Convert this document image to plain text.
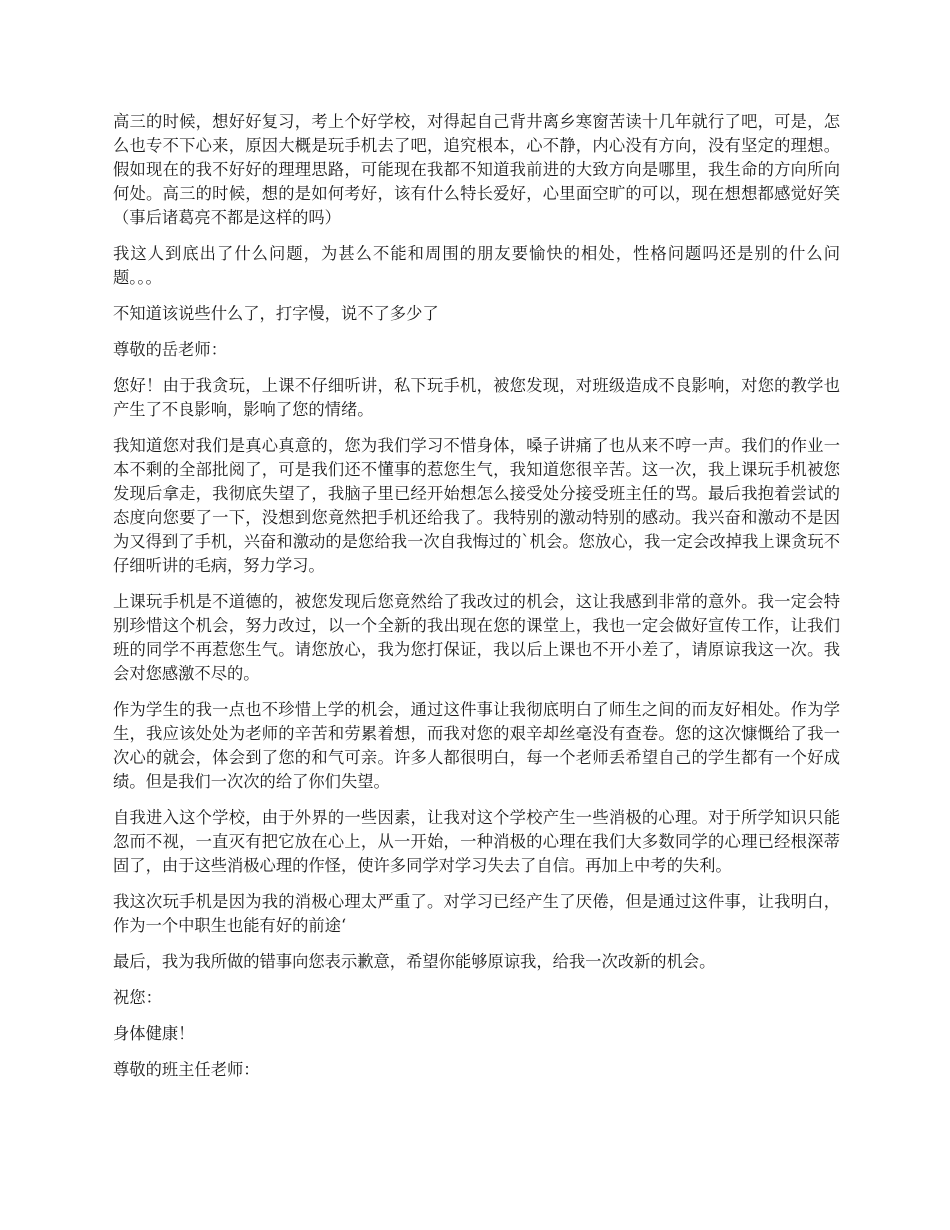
高三的时候，想好好复习，考上个好学校，对得起自己背井离乡寒窗苦读十几年就行了吧，可是，怎么也专不下心来，原因大概是玩手机去了吧，追究根本，心不静，内心没有方向，没有坚定的理想。假如现在的我不好好的理理思路，可能现在我都不知道我前进的大致方向是哪里，我生命的方向所向何处。高三的时候，想的是如何考好，该有什么特长爱好，心里面空旷的可以，现在想想都感觉好笑（事后诸葛亮不都是这样的吗）

我这人到底出了什么问题，为甚么不能和周围的朋友要愉快的相处，性格问题吗还是别的什么问题。。。

不知道该说些什么了，打字慢，说不了多少了

尊敬的岳老师：

您好！由于我贪玩，上课不仔细听讲，私下玩手机，被您发现，对班级造成不良影响，对您的教学也产生了不良影响，影响了您的情绪。

我知道您对我们是真心真意的，您为我们学习不惜身体，嗓子讲痛了也从来不哼一声。我们的作业一本不剩的全部批阅了，可是我们还不懂事的惹您生气，我知道您很辛苦。这一次，我上课玩手机被您发现后拿走，我彻底失望了，我脑子里已经开始想怎么接受处分接受班主任的骂。最后我抱着尝试的态度向您要了一下，没想到您竟然把手机还给我了。我特别的激动特别的感动。我兴奋和激动不是因为又得到了手机，兴奋和激动的是您给我一次自我悔过的`机会。您放心，我一定会改掉我上课贪玩不仔细听讲的毛病，努力学习。

上课玩手机是不道德的，被您发现后您竟然给了我改过的机会，这让我感到非常的意外。我一定会特别珍惜这个机会，努力改过，以一个全新的我出现在您的课堂上，我也一定会做好宣传工作，让我们班的同学不再惹您生气。请您放心，我为您打保证，我以后上课也不开小差了，请原谅我这一次。我会对您感激不尽的。

作为学生的我一点也不珍惜上学的机会，通过这件事让我彻底明白了师生之间的而友好相处。作为学生，我应该处处为老师的辛苦和劳累着想，而我对您的艰辛却丝毫没有查卷。您的这次慷慨给了我一次心的就会，体会到了您的和气可亲。许多人都很明白，每一个老师丢希望自己的学生都有一个好成绩。但是我们一次次的给了你们失望。

自我进入这个学校，由于外界的一些因素，让我对这个学校产生一些消极的心理。对于所学知识只能忽而不视，一直灭有把它放在心上，从一开始，一种消极的心理在我们大多数同学的心理已经根深蒂固了，由于这些消极心理的作怪，使许多同学对学习失去了自信。再加上中考的失利。

我这次玩手机是因为我的消极心理太严重了。对学习已经产生了厌倦，但是通过这件事，让我明白，作为一个中职生也能有好的前途‘

最后，我为我所做的错事向您表示歉意，希望你能够原谅我，给我一次改新的机会。

祝您：

身体健康！

尊敬的班主任老师：
